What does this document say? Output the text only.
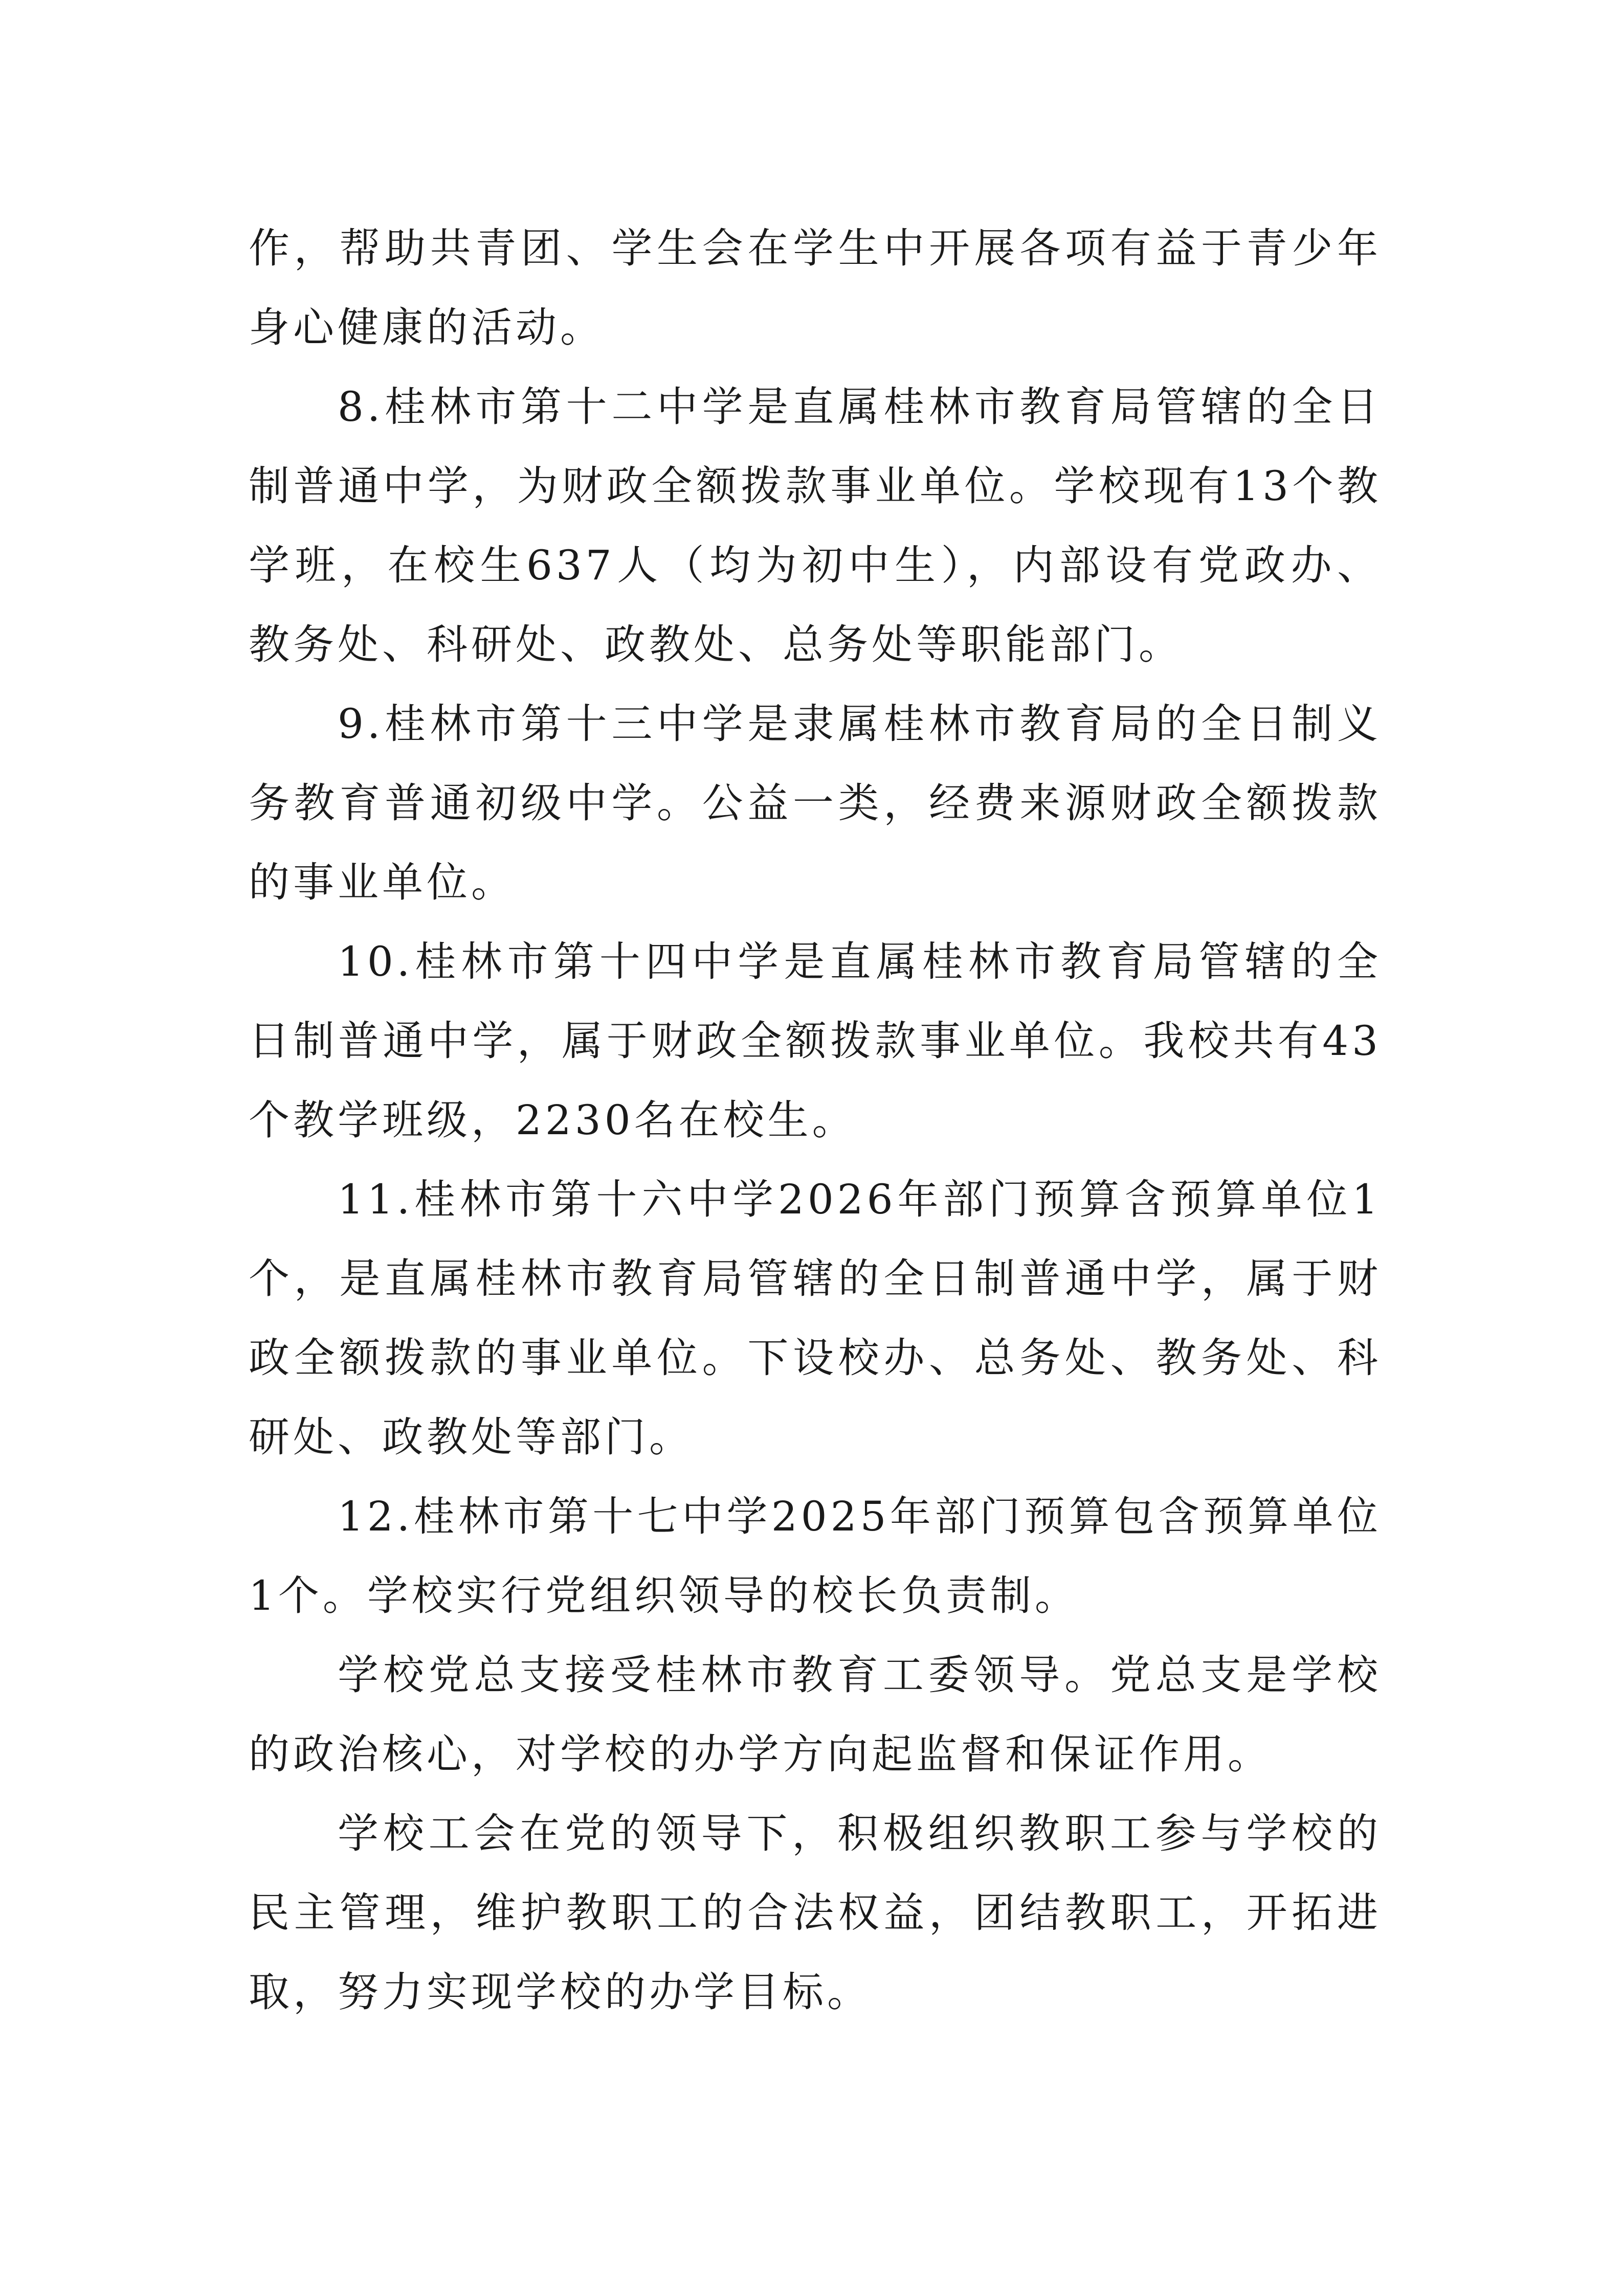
作，帮助共青团、学生会在学生中开展各项有益于青少年身心健康的活动。

8.桂林市第十二中学是直属桂林市教育局管辖的全日制普通中学，为财政全额拨款事业单位。学校现有13个教学班，在校生637人（均为初中生），内部设有党政办、教务处、科研处、政教处、总务处等职能部门。

9.桂林市第十三中学是隶属桂林市教育局的全日制义务教育普通初级中学。公益一类，经费来源财政全额拨款的事业单位。

10.桂林市第十四中学是直属桂林市教育局管辖的全日制普通中学，属于财政全额拨款事业单位。我校共有43个教学班级，2230名在校生。

11.桂林市第十六中学2026年部门预算含预算单位1个，是直属桂林市教育局管辖的全日制普通中学，属于财政全额拨款的事业单位。下设校办、总务处、教务处、科研处、政教处等部门。

12.桂林市第十七中学2025年部门预算包含预算单位1个。学校实行党组织领导的校长负责制。

学校党总支接受桂林市教育工委领导。党总支是学校的政治核心，对学校的办学方向起监督和保证作用。

学校工会在党的领导下，积极组织教职工参与学校的民主管理，维护教职工的合法权益，团结教职工，开拓进取，努力实现学校的办学目标。
